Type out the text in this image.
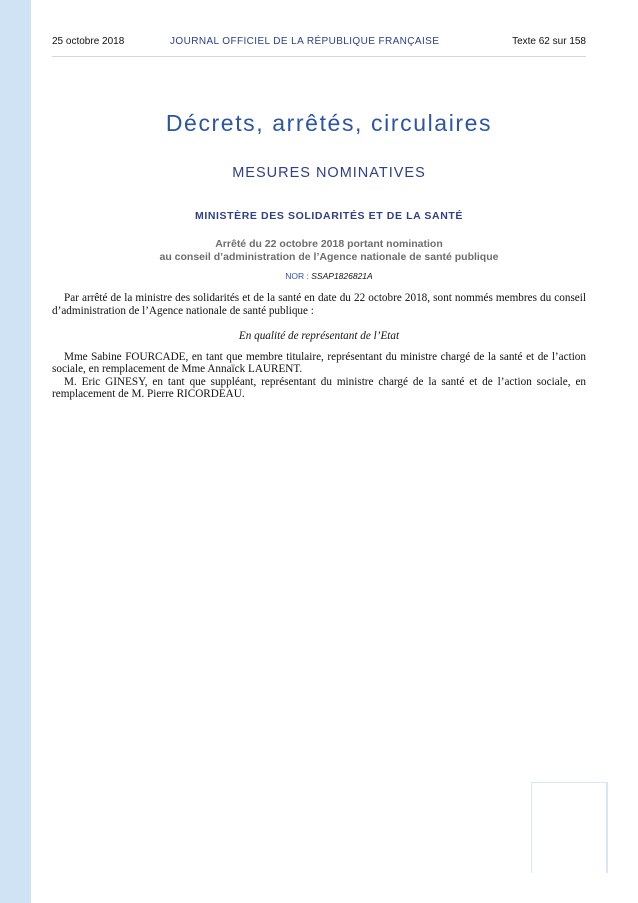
25 octobre 2018	JOURNAL OFFICIEL DE LA RÉPUBLIQUE FRANÇAISE	Texte 62 sur 158
Décrets, arrêtés, circulaires
MESURES NOMINATIVES
MINISTÈRE DES SOLIDARITÉS ET DE LA SANTÉ
Arrêté du 22 octobre 2018 portant nomination
au conseil d’administration de l’Agence nationale de santé publique
NOR : SSAP1826821A

Par arrêté de la ministre des solidarités et de la santé en date du 22 octobre 2018, sont nommés membres du conseil d’administration de l’Agence nationale de santé publique :

En qualité de représentant de l’Etat

Mme Sabine FOURCADE, en tant que membre titulaire, représentant du ministre chargé de la santé et de l’action sociale, en remplacement de Mme Annaïck LAURENT.

M. Eric GINESY, en tant que suppléant, représentant du ministre chargé de la santé et de l’action sociale, en remplacement de M. Pierre RICORDEAU.
